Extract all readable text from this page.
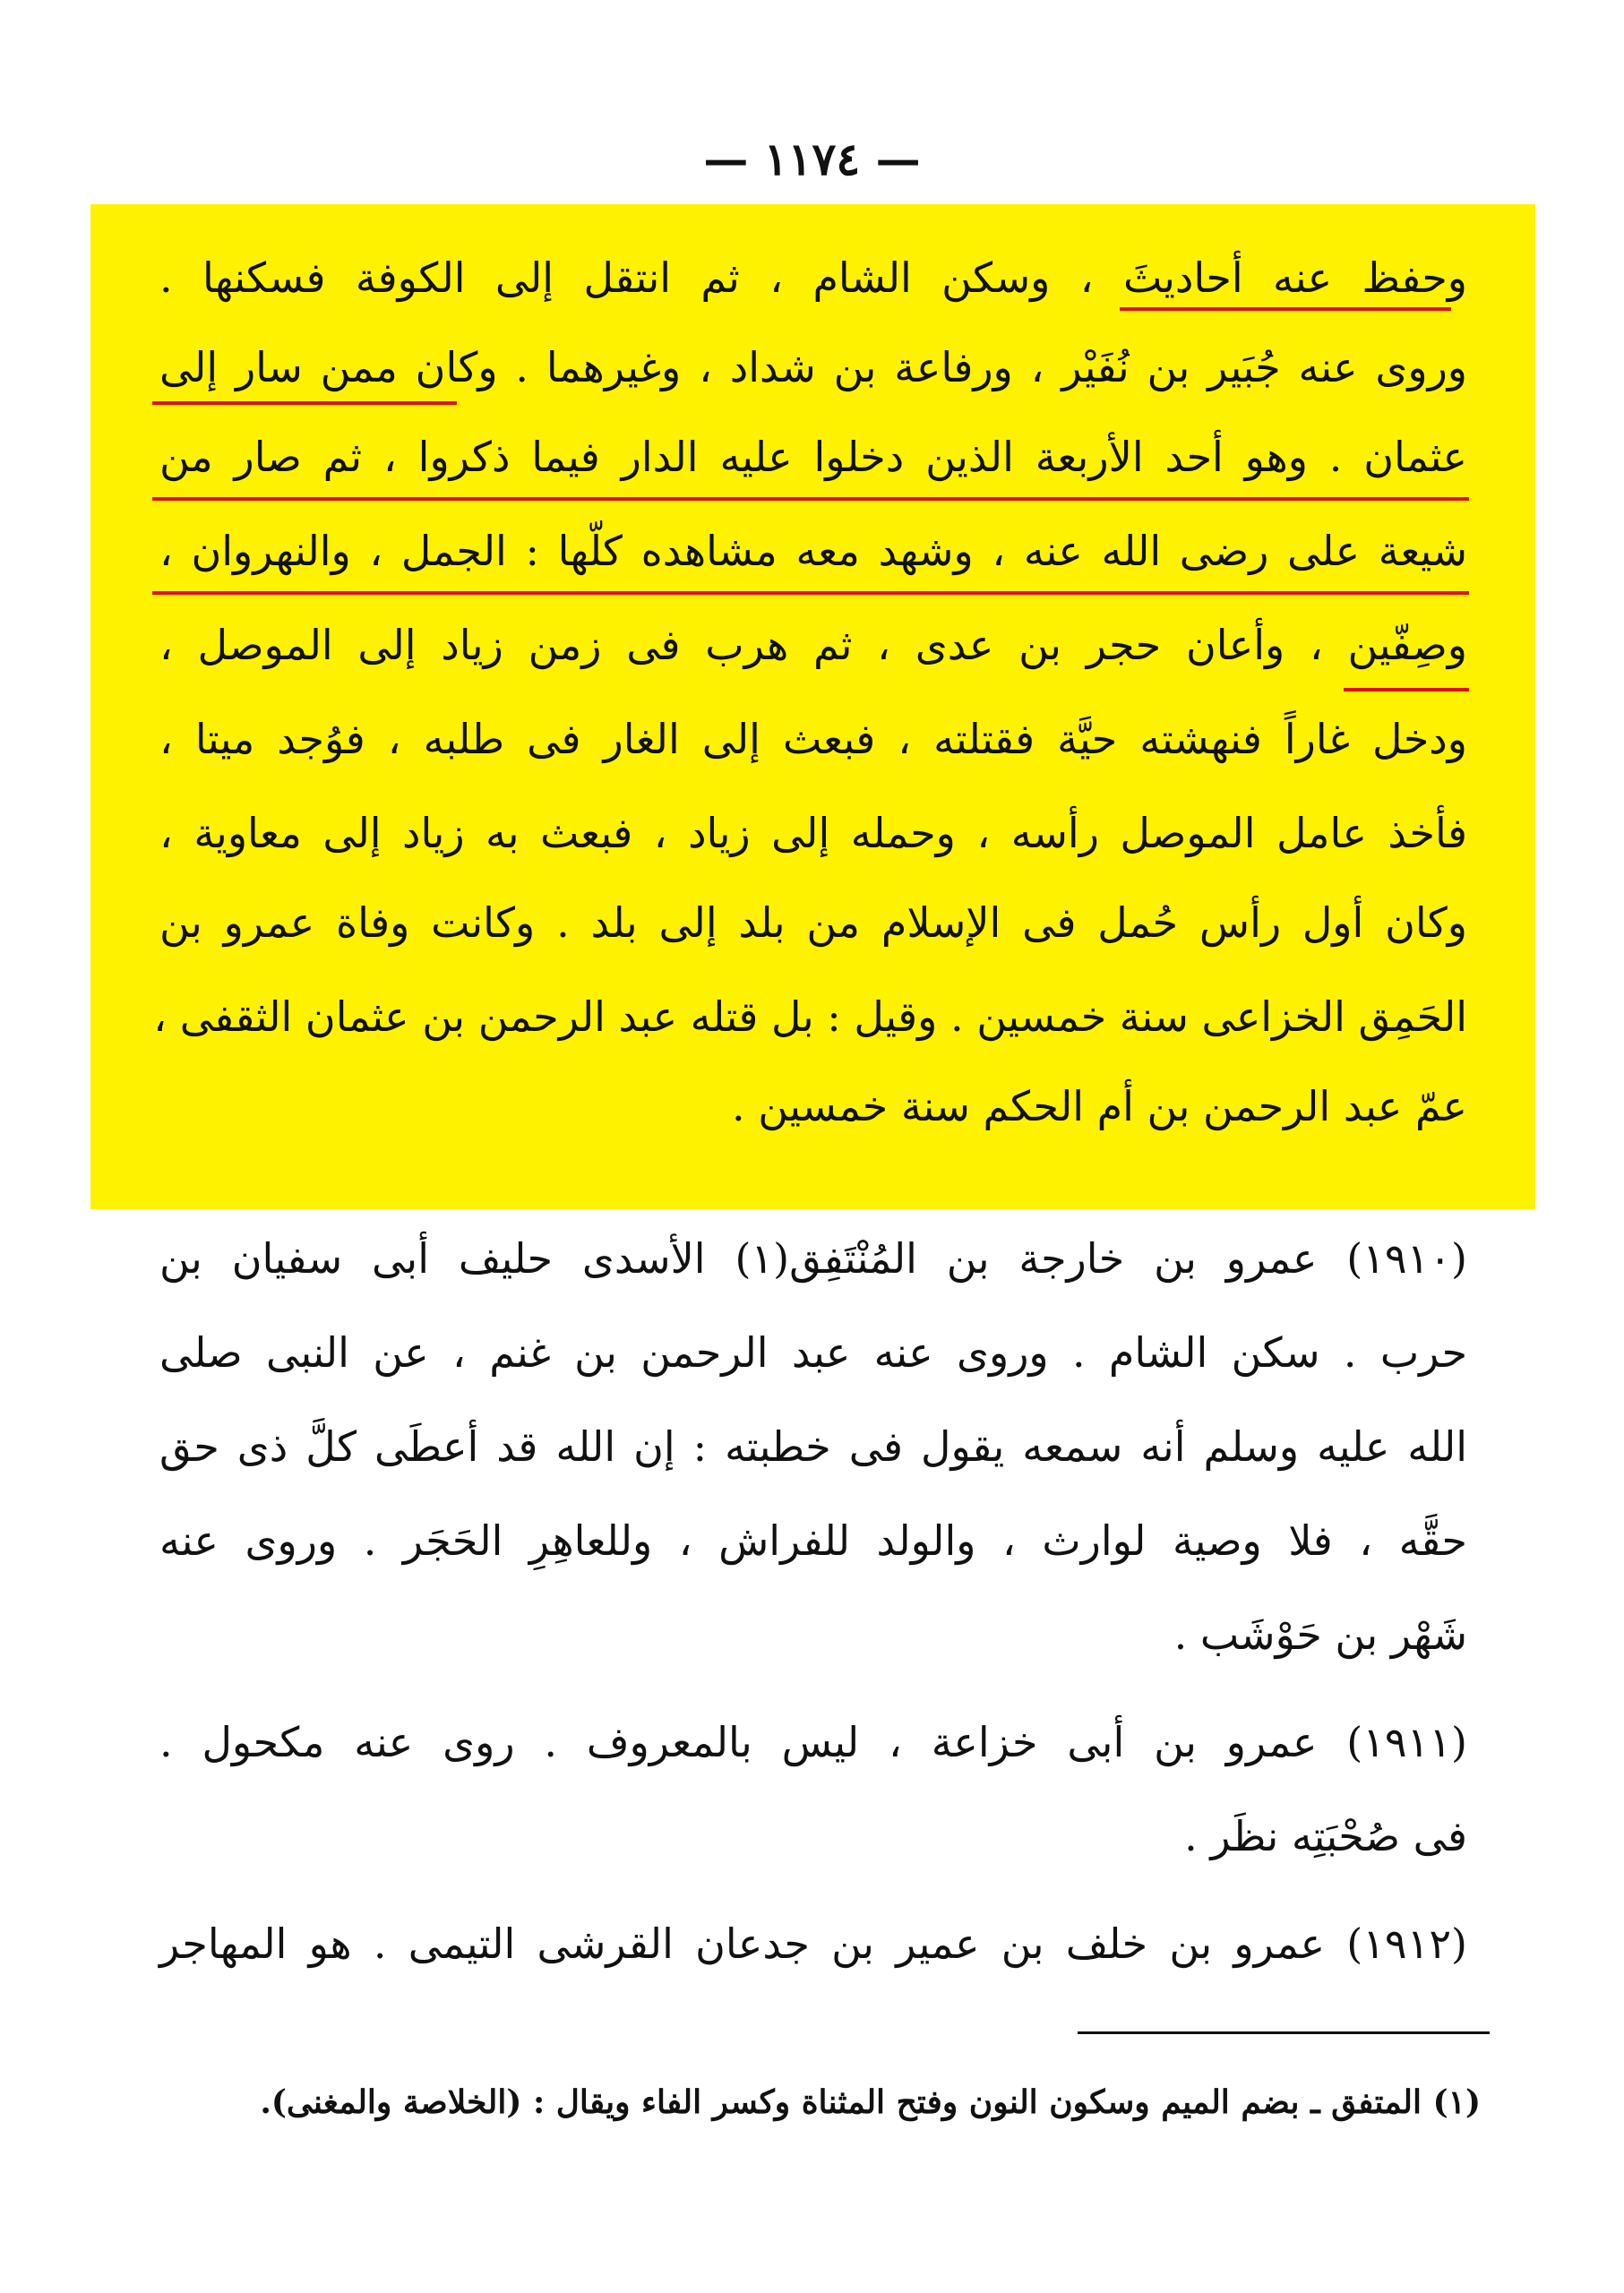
— ١١٧٤ —
وحفظ عنه أحاديثَ ، وسكن الشام ، ثم انتقل إلى الكوفة فسكنها .
وروى عنه جُبَير بن نُفَيْر ، ورفاعة بن شداد ، وغيرهما . وكان ممن سار إلى
عثمان . وهو أحد الأربعة الذين دخلوا عليه الدار فيما ذكروا ، ثم صار من
شيعة على رضى الله عنه ، وشهد معه مشاهده كلّها : الجمل ، والنهروان ،
وصِفّين ، وأعان حجر بن عدى ، ثم هرب فى زمن زياد إلى الموصل ،
ودخل غاراً فنهشته حيَّة فقتلته ، فبعث إلى الغار فى طلبه ، فوُجد ميتا ،
فأخذ عامل الموصل رأسه ، وحمله إلى زياد ، فبعث به زياد إلى معاوية ،
وكان أول رأس حُمل فى الإسلام من بلد إلى بلد . وكانت وفاة عمرو بن
الحَمِق الخزاعى سنة خمسين . وقيل : بل قتله عبد الرحمن بن عثمان الثقفى ،
عمّ عبد الرحمن بن أم الحكم سنة خمسين .
(١٩١٠) عمرو بن خارجة بن المُنْتَفِق(١) الأسدى حليف أبى سفيان بن
حرب . سكن الشام . وروى عنه عبد الرحمن بن غنم ، عن النبى صلى
الله عليه وسلم أنه سمعه يقول فى خطبته : إن الله قد أعطَى كلَّ ذى حق
حقَّه ، فلا وصية لوارث ، والولد للفراش ، وللعاهِرِ الحَجَر . وروى عنه
شَهْر بن حَوْشَب .
(١٩١١) عمرو بن أبى خزاعة ، ليس بالمعروف . روى عنه مكحول .
فى صُحْبَتِه نظَر .
(١٩١٢) عمرو بن خلف بن عمير بن جدعان القرشى التيمى . هو المهاجر
(١) المتفق ـ بضم الميم وسكون النون وفتح المثناة وكسر الفاء ويقال : (الخلاصة والمغنى).
